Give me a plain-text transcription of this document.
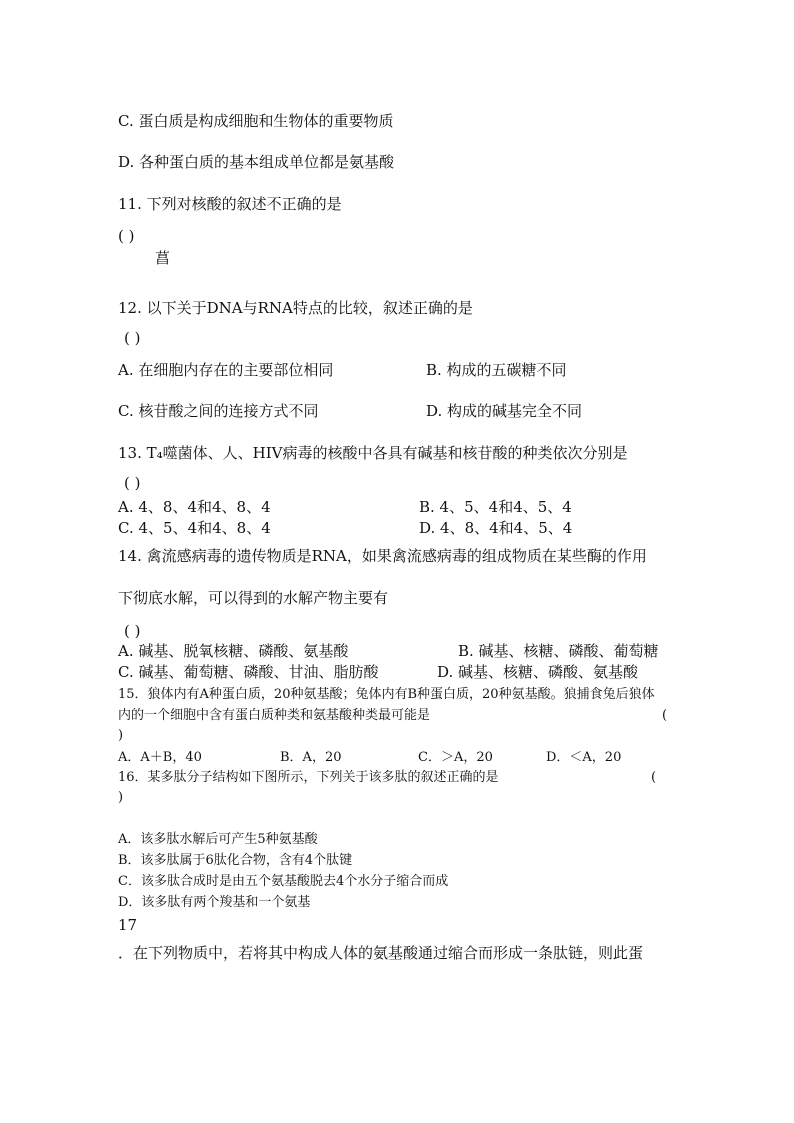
C. 蛋白质是构成细胞和生物体的重要物质
D. 各种蛋白质的基本组成单位都是氨基酸
11. 下列对核酸的叙述不正确的是
( )
菖
12. 以下关于DNA与RNA特点的比较，叙述正确的是
( )
A. 在细胞内存在的主要部位相同	B. 构成的五碳糖不同
C. 核苷酸之间的连接方式不同	D. 构成的碱基完全不同
13. T₄噬菌体、人、HIV病毒的核酸中各具有碱基和核苷酸的种类依次分别是
( )
A. 4、8、4和4、8、4	B. 4、5、4和4、5、4
C. 4、5、4和4、8、4	D. 4、8、4和4、5、4
14. 禽流感病毒的遗传物质是RNA，如果禽流感病毒的组成物质在某些酶的作用
下彻底水解，可以得到的水解产物主要有
( )
A. 碱基、脱氧核糖、磷酸、氨基酸	B. 碱基、核糖、磷酸、葡萄糖
C. 碱基、葡萄糖、磷酸、甘油、脂肪酸	D. 碱基、核糖、磷酸、氨基酸
15．狼体内有A种蛋白质，20种氨基酸；兔体内有B种蛋白质，20种氨基酸。狼捕食兔后狼体
内的一个细胞中含有蛋白质种类和氨基酸种类最可能是	(
)
A．A＋B，40	B．A，20	C．＞A，20	D．＜A，20
16．某多肽分子结构如下图所示，下列关于该多肽的叙述正确的是	(
)
A．该多肽水解后可产生5种氨基酸
B．该多肽属于6肽化合物，含有4个肽键
C．该多肽合成时是由五个氨基酸脱去4个水分子缩合而成
D．该多肽有两个羧基和一个氨基
17
．在下列物质中，若将其中构成人体的氨基酸通过缩合而形成一条肽链，则此蛋
